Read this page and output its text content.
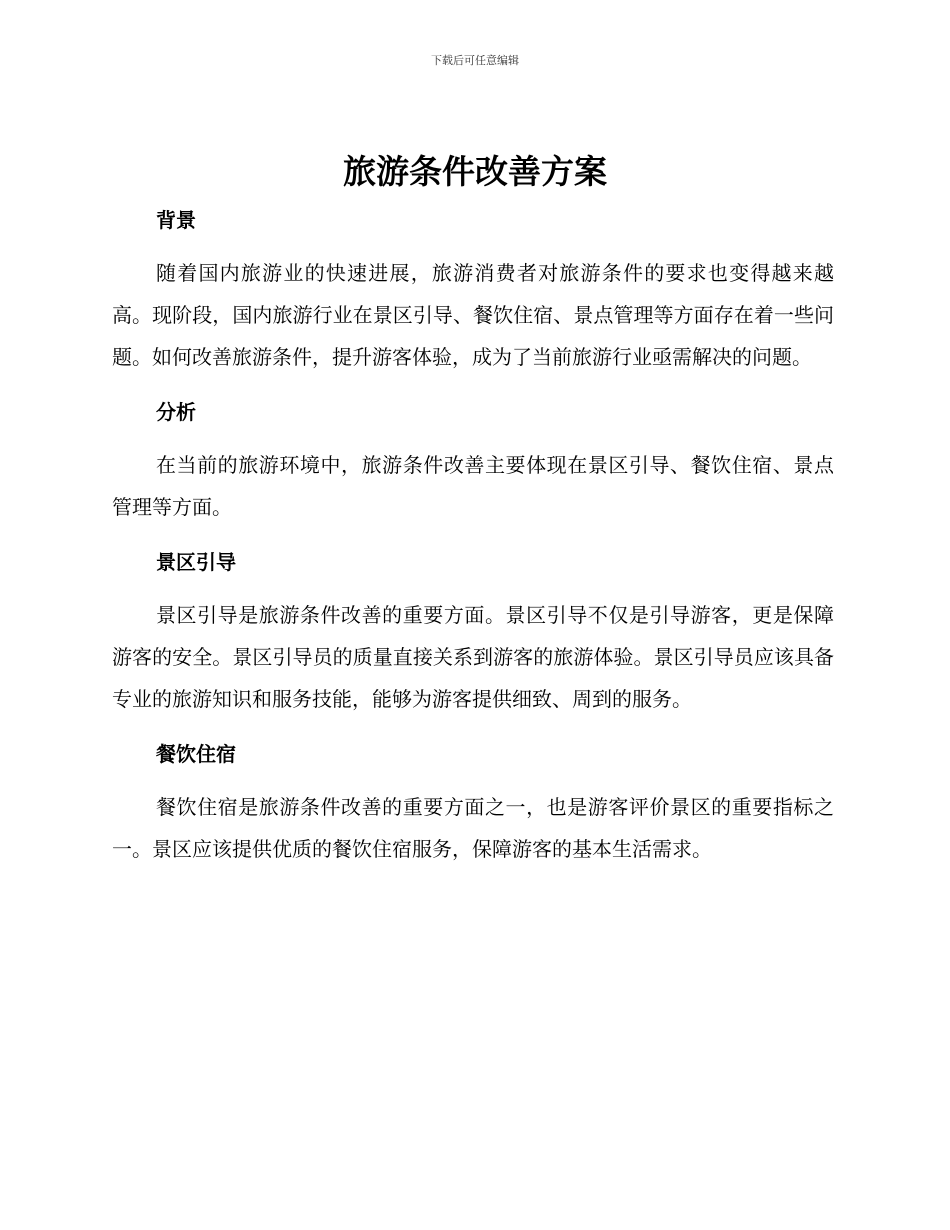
下载后可任意编辑
旅游条件改善方案
背景

随着国内旅游业的快速进展，旅游消费者对旅游条件的要求也变得越来越高。现阶段，国内旅游行业在景区引导、餐饮住宿、景点管理等方面存在着一些问题。如何改善旅游条件，提升游客体验，成为了当前旅游行业亟需解决的问题。

分析

在当前的旅游环境中，旅游条件改善主要体现在景区引导、餐饮住宿、景点管理等方面。

景区引导

景区引导是旅游条件改善的重要方面。景区引导不仅是引导游客，更是保障游客的安全。景区引导员的质量直接关系到游客的旅游体验。景区引导员应该具备专业的旅游知识和服务技能，能够为游客提供细致、周到的服务。

餐饮住宿

餐饮住宿是旅游条件改善的重要方面之一，也是游客评价景区的重要指标之一。景区应该提供优质的餐饮住宿服务，保障游客的基本生活需求。
